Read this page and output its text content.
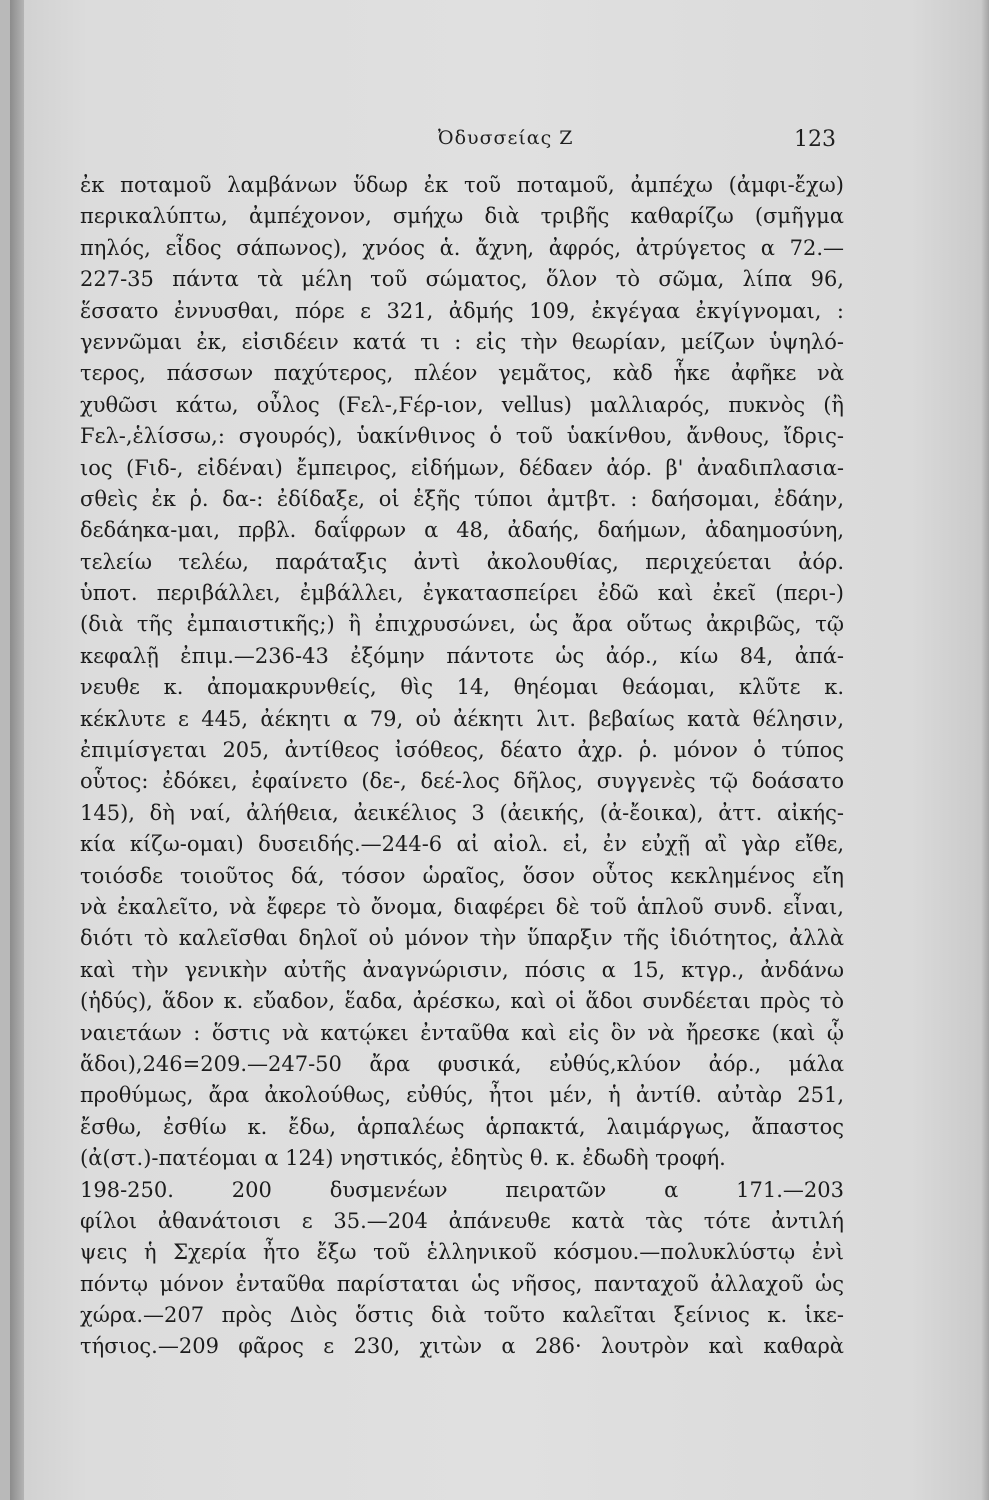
Ὀδυσσείας Ζ	123
ἐκ ποταμοῦ λαμβάνων ὕδωρ ἐκ τοῦ ποταμοῦ, ἀμπέχω (ἀμφι-ἔχω)
περικαλύπτω, ἀμπέχονον, σμήχω διὰ τριβῆς καθαρίζω (σμῆγμα
πηλός, εἶδος σάπωνος), χνόος ἁ. ἄχνη, ἀφρός, ἀτρύγετος α 72.—
227-35 πάντα τὰ μέλη τοῦ σώματος, ὅλον τὸ σῶμα, λίπα 96,
ἕσσατο ἐννυσθαι, πόρε ε 321, ἀδμής 109, ἐκγέγαα ἐκγίγνομαι, :
γεννῶμαι ἐκ, εἰσιδέειν κατά τι : εἰς τὴν θεωρίαν, μείζων ὑψηλό-
τερος, πάσσων παχύτερος, πλέον γεμᾶτος, κὰδ ἧκε ἀφῆκε νὰ
χυθῶσι κάτω, οὖλος (Ϝελ-,Ϝέρ-ιον, vellus) μαλλιαρός, πυκνὸς (ἢ
Ϝελ-,ἑλίσσω,: σγουρός), ὑακίνθινος ὁ τοῦ ὑακίνθου, ἄνθους, ἴδρις-
ιος (Ϝιδ-, εἰδέναι) ἔμπειρος, εἰδήμων, δέδαεν ἀόρ. β' ἀναδιπλασια-
σθεὶς ἐκ ῥ. δα-: ἐδίδαξε, οἱ ἑξῆς τύποι ἀμτβτ. : δαήσομαι, ἐδάην,
δεδάηκα-μαι, πρβλ. δαΐφρων α 48, ἀδαής, δαήμων, ἀδαημοσύνη,
τελείω τελέω, παράταξις ἀντὶ ἀκολουθίας, περιχεύεται ἀόρ.
ὑποτ. περιβάλλει, ἐμβάλλει, ἐγκατασπείρει ἐδῶ καὶ ἐκεῖ (περι-)
(διὰ τῆς ἐμπαιστικῆς;) ἢ ἐπιχρυσώνει, ὡς ἄρα οὕτως ἀκριβῶς, τῷ
κεφαλῇ ἐπιμ.—236-43 ἐξόμην πάντοτε ὡς ἀόρ., κίω 84, ἀπά-
νευθε κ. ἀπομακρυνθείς, θὶς 14, θηέομαι θεάομαι, κλῦτε κ.
κέκλυτε ε 445, ἀέκητι α 79, οὐ ἀέκητι λιτ. βεβαίως κατὰ θέλησιν,
ἐπιμίσγεται 205, ἀντίθεος ἰσόθεος, δέατο ἀχρ. ῥ. μόνον ὁ τύπος
οὗτος: ἐδόκει, ἐφαίνετο (δε-, δεέ-λος δῆλος, συγγενὲς τῷ δοάσατο
145), δὴ ναί, ἀλήθεια, ἀεικέλιος 3 (ἀεικής, (ἀ-ἔοικα), ἀττ. αἰκής-
κία κίζω-ομαι) δυσειδής.—244-6 αἰ αἰολ. εἰ, ἐν εὐχῇ αἲ γὰρ εἴθε,
τοιόσδε τοιοῦτος δά, τόσον ὡραῖος, ὅσον οὗτος κεκλημένος εἴη
νὰ ἐκαλεῖτο, νὰ ἔφερε τὸ ὄνομα, διαφέρει δὲ τοῦ ἁπλοῦ συνδ. εἶναι,
διότι τὸ καλεῖσθαι δηλοῖ οὐ μόνον τὴν ὕπαρξιν τῆς ἰδιότητος, ἀλλὰ
καὶ τὴν γενικὴν αὐτῆς ἀναγνώρισιν, πόσις α 15, κτγρ., ἀνδάνω
(ἡδύς), ἅδον κ. εὔαδον, ἕαδα, ἀρέσκω, καὶ οἱ ἅδοι συνδέεται πρὸς τὸ
ναιετάων : ὅστις νὰ κατῴκει ἐνταῦθα καὶ εἰς ὃν νὰ ἤρεσκε (καὶ ᾧ
ἅδοι),246=209.—247-50 ἄρα φυσικά, εὐθύς,κλύον ἀόρ., μάλα
προθύμως, ἄρα ἀκολούθως, εὐθύς, ἦτοι μέν, ἡ ἀντίθ. αὐτὰρ 251,
ἔσθω, ἐσθίω κ. ἔδω, ἁρπαλέως ἁρπακτά, λαιμάργως, ἄπαστος
(ἀ(στ.)-πατέομαι α 124) νηστικός, ἐδητὺς θ. κ. ἐδωδὴ τροφή.
198-250. 200 δυσμενέων πειρατῶν α 171.—203
φίλοι ἀθανάτοισι ε 35.—204 ἀπάνευθε κατὰ τὰς τότε ἀντιλή
ψεις ἡ Σχερία ἦτο ἔξω τοῦ ἑλληνικοῦ κόσμου.—πολυκλύστῳ ἐνὶ
πόντῳ μόνον ἐνταῦθα παρίσταται ὡς νῆσος, πανταχοῦ ἀλλαχοῦ ὡς
χώρα.—207 πρὸς Διὸς ὅστις διὰ τοῦτο καλεῖται ξείνιος κ. ἱκε-
τήσιος.—209 φᾶρος ε 230, χιτὼν α 286· λουτρὸν καὶ καθαρὰ
